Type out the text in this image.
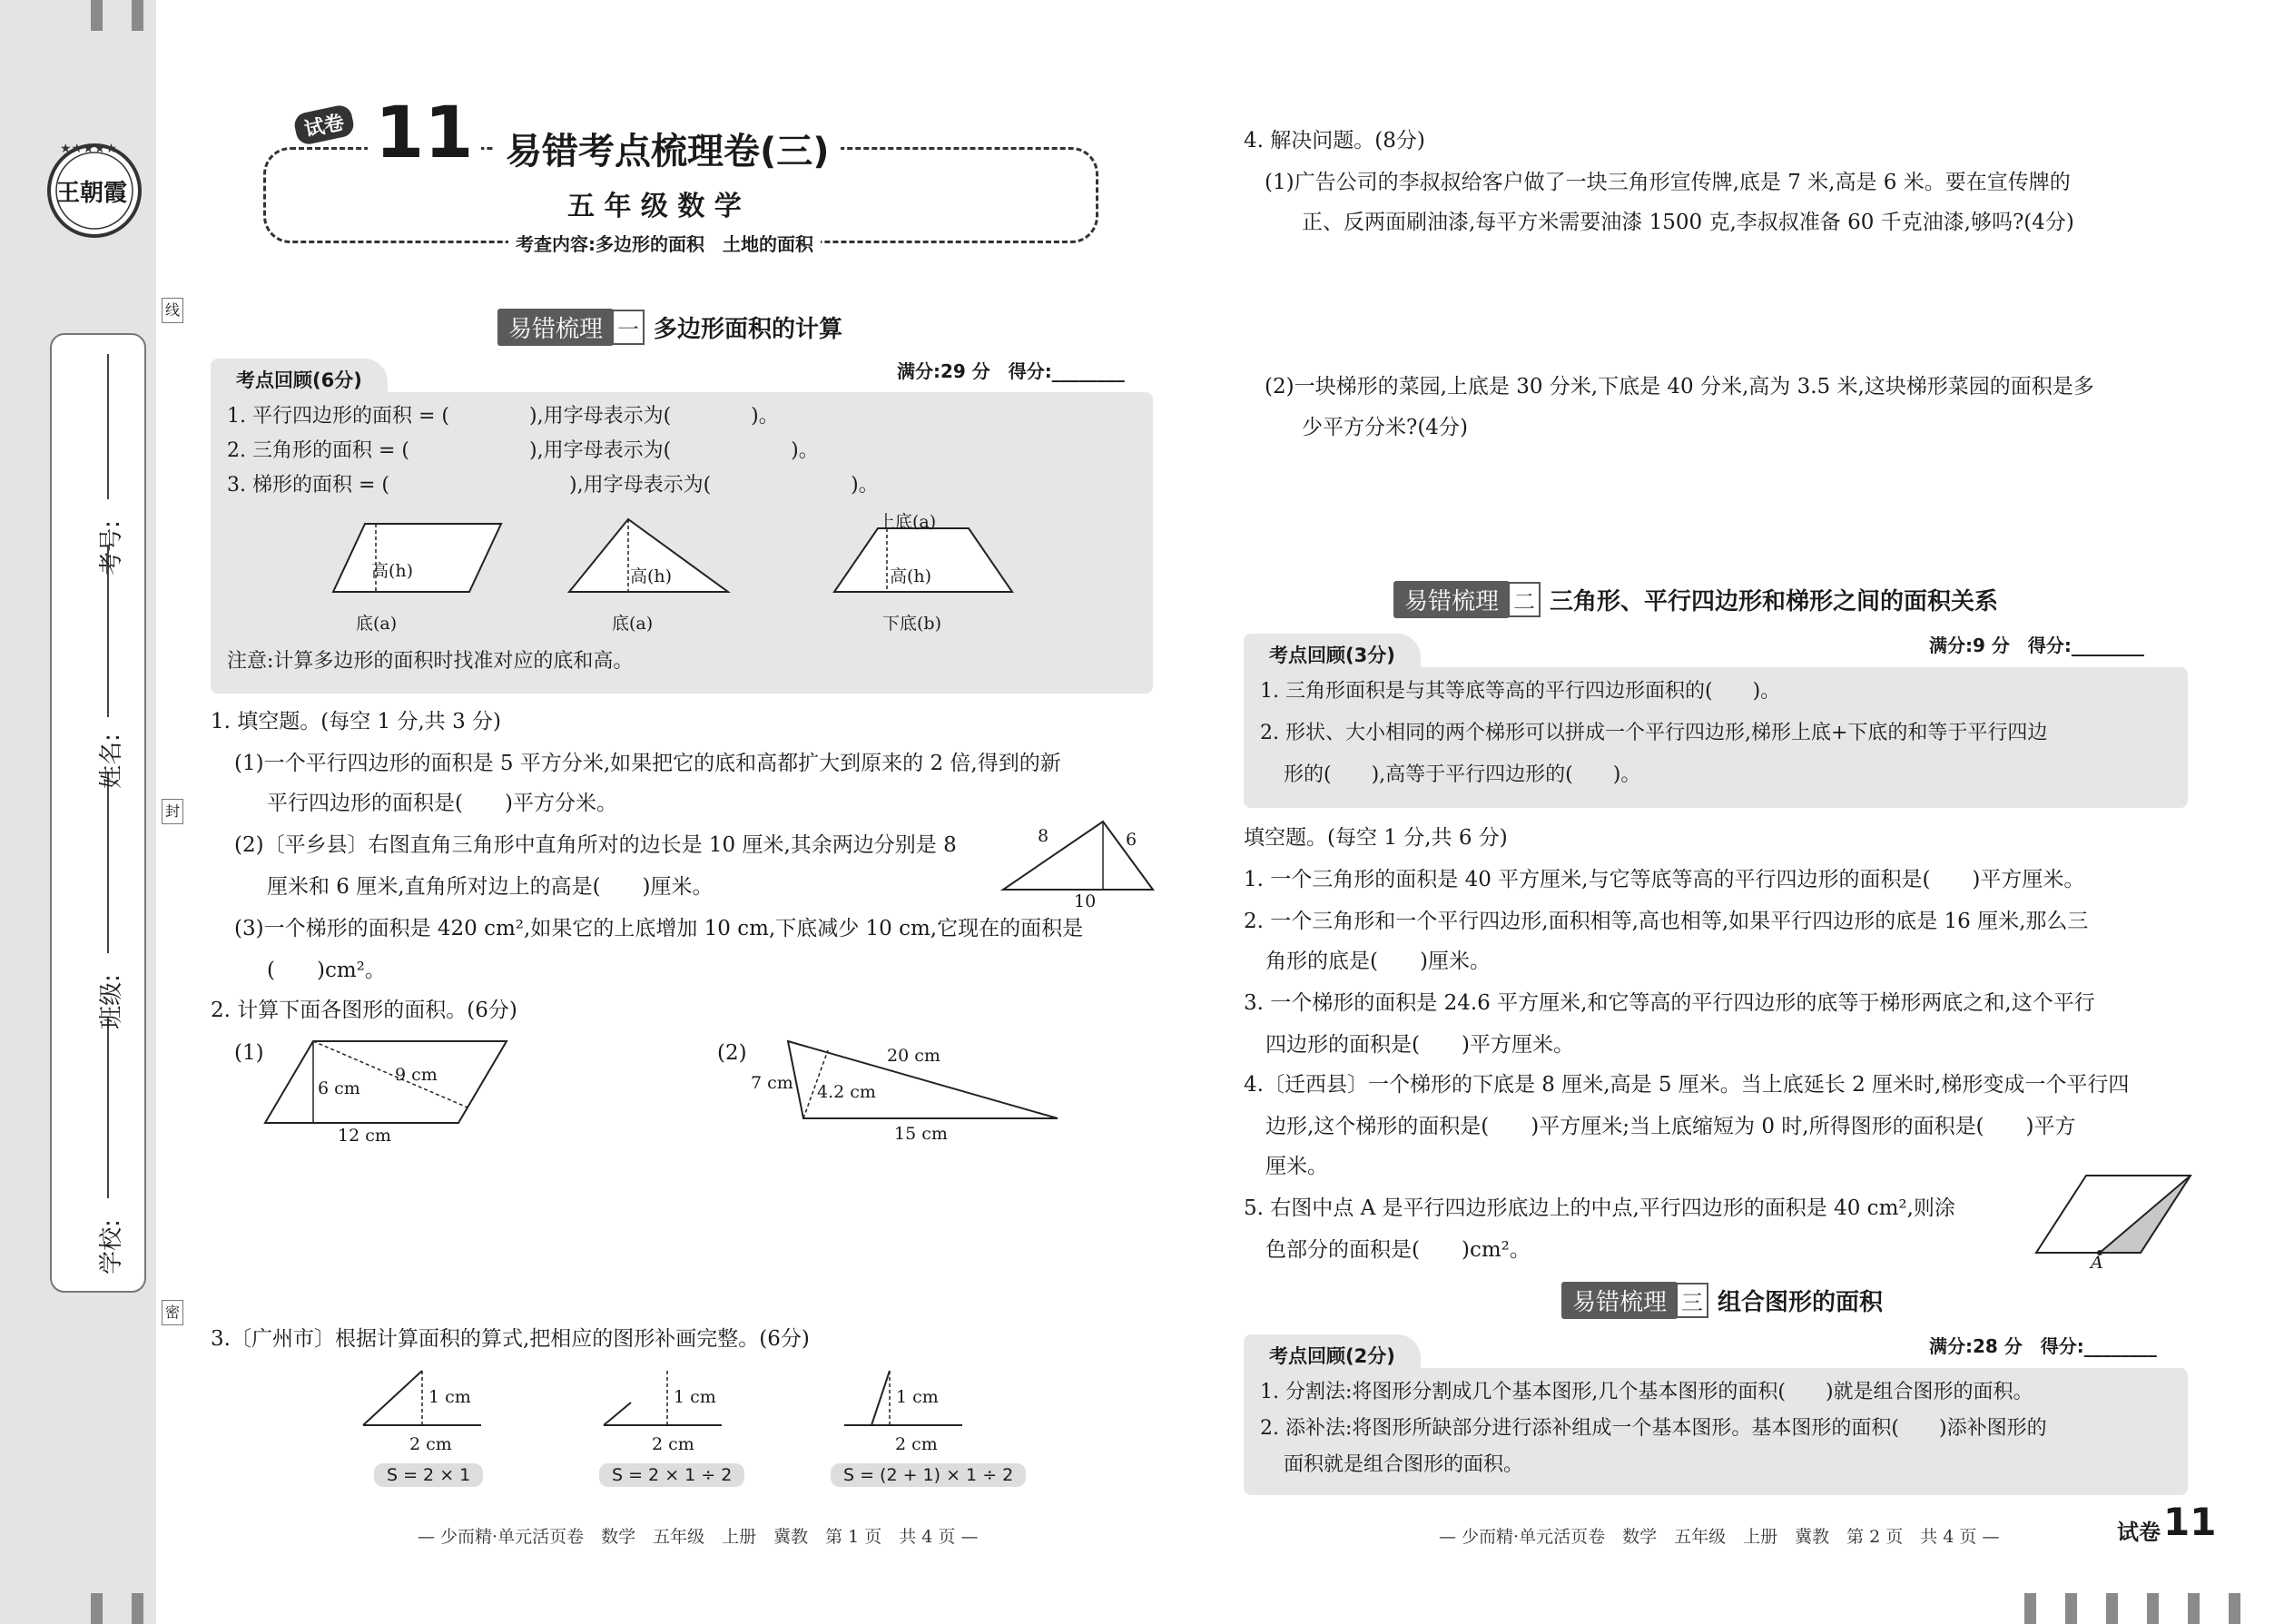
★★★★★
王朝霞
学校:
班级:
姓名:
考号:
线
封
密
试卷 11 易错考点梳理卷(三)
五 年 级 数 学
考查内容:多边形的面积　土地的面积
易错梳理 一 多边形面积的计算
考点回顾(6分)	满分:29 分　得分:________
1. 平行四边形的面积 = (　　　　),用字母表示为(　　　　)。
2. 三角形的面积 = (　　　　　　),用字母表示为(　　　　　　)。
3. 梯形的面积 = (　　　　　　　　　),用字母表示为(　　　　　　　)。
高(h)
底(a)
高(h)
底(a)
上底(a)
高(h)
下底(b)
注意:计算多边形的面积时找准对应的底和高。
1. 填空题。(每空 1 分,共 3 分)
(1)一个平行四边形的面积是 5 平方分米,如果把它的底和高都扩大到原来的 2 倍,得到的新
平行四边形的面积是(　　)平方分米。
(2)〔平乡县〕右图直角三角形中直角所对的边长是 10 厘米,其余两边分别是 8
厘米和 6 厘米,直角所对边上的高是(　　)厘米。
8	6
10
(3)一个梯形的面积是 420 cm²,如果它的上底增加 10 cm,下底减少 10 cm,它现在的面积是
(　　)cm²。
2. 计算下面各图形的面积。(6分)
(1)
6 cm
9 cm
12 cm
(2)	20 cm
7 cm 4.2 cm
15 cm
3.〔广州市〕根据计算面积的算式,把相应的图形补画完整。(6分)
1 cm
2 cm
S = 2 × 1
1 cm
2 cm
S = 2 × 1 ÷ 2
1 cm
2 cm
S = (2 + 1) × 1 ÷ 2
— 少而精·单元活页卷　数学　五年级　上册　冀教　第 1 页　共 4 页 —
4. 解决问题。(8分)
(1)广告公司的李叔叔给客户做了一块三角形宣传牌,底是 7 米,高是 6 米。要在宣传牌的
正、反两面刷油漆,每平方米需要油漆 1500 克,李叔叔准备 60 千克油漆,够吗?(4分)
(2)一块梯形的菜园,上底是 30 分米,下底是 40 分米,高为 3.5 米,这块梯形菜园的面积是多
少平方分米?(4分)
易错梳理 二 三角形、平行四边形和梯形之间的面积关系
考点回顾(3分)	满分:9 分　得分:________
1. 三角形面积是与其等底等高的平行四边形面积的(　　)。
2. 形状、大小相同的两个梯形可以拼成一个平行四边形,梯形上底+下底的和等于平行四边
形的(　　),高等于平行四边形的(　　)。
填空题。(每空 1 分,共 6 分)
1. 一个三角形的面积是 40 平方厘米,与它等底等高的平行四边形的面积是(　　)平方厘米。
2. 一个三角形和一个平行四边形,面积相等,高也相等,如果平行四边形的底是 16 厘米,那么三
角形的底是(　　)厘米。
3. 一个梯形的面积是 24.6 平方厘米,和它等高的平行四边形的底等于梯形两底之和,这个平行
四边形的面积是(　　)平方厘米。
4.〔迁西县〕一个梯形的下底是 8 厘米,高是 5 厘米。当上底延长 2 厘米时,梯形变成一个平行四
边形,这个梯形的面积是(　　)平方厘米;当上底缩短为 0 时,所得图形的面积是(　　)平方
厘米。
5. 右图中点 A 是平行四边形底边上的中点,平行四边形的面积是 40 cm²,则涂
色部分的面积是(　　)cm²。
A
易错梳理 三 组合图形的面积
考点回顾(2分)	满分:28 分　得分:________
1. 分割法:将图形分割成几个基本图形,几个基本图形的面积(　　)就是组合图形的面积。
2. 添补法:将图形所缺部分进行添补组成一个基本图形。基本图形的面积(　　)添补图形的
面积就是组合图形的面积。
— 少而精·单元活页卷　数学　五年级　上册　冀教　第 2 页　共 4 页 —	试卷 11
